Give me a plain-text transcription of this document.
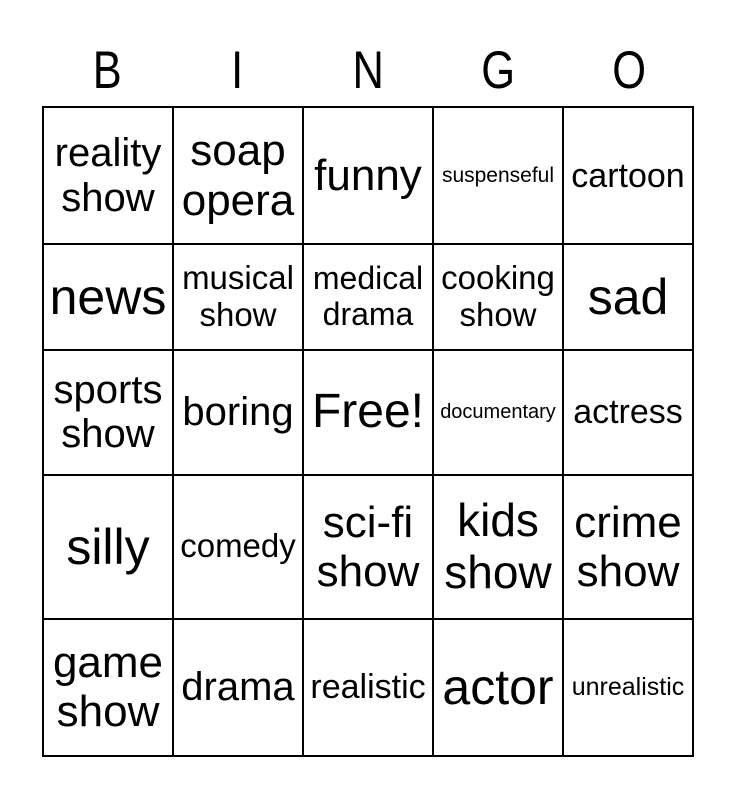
B	I	N	G	O
reality show	soap opera	funny	suspenseful	cartoon
news	musical show	medical drama	cooking show	sad
sports show	boring	Free!	documentary	actress
silly	comedy	sci-fi show	kids show	crime show
game show	drama	realistic	actor	unrealistic
